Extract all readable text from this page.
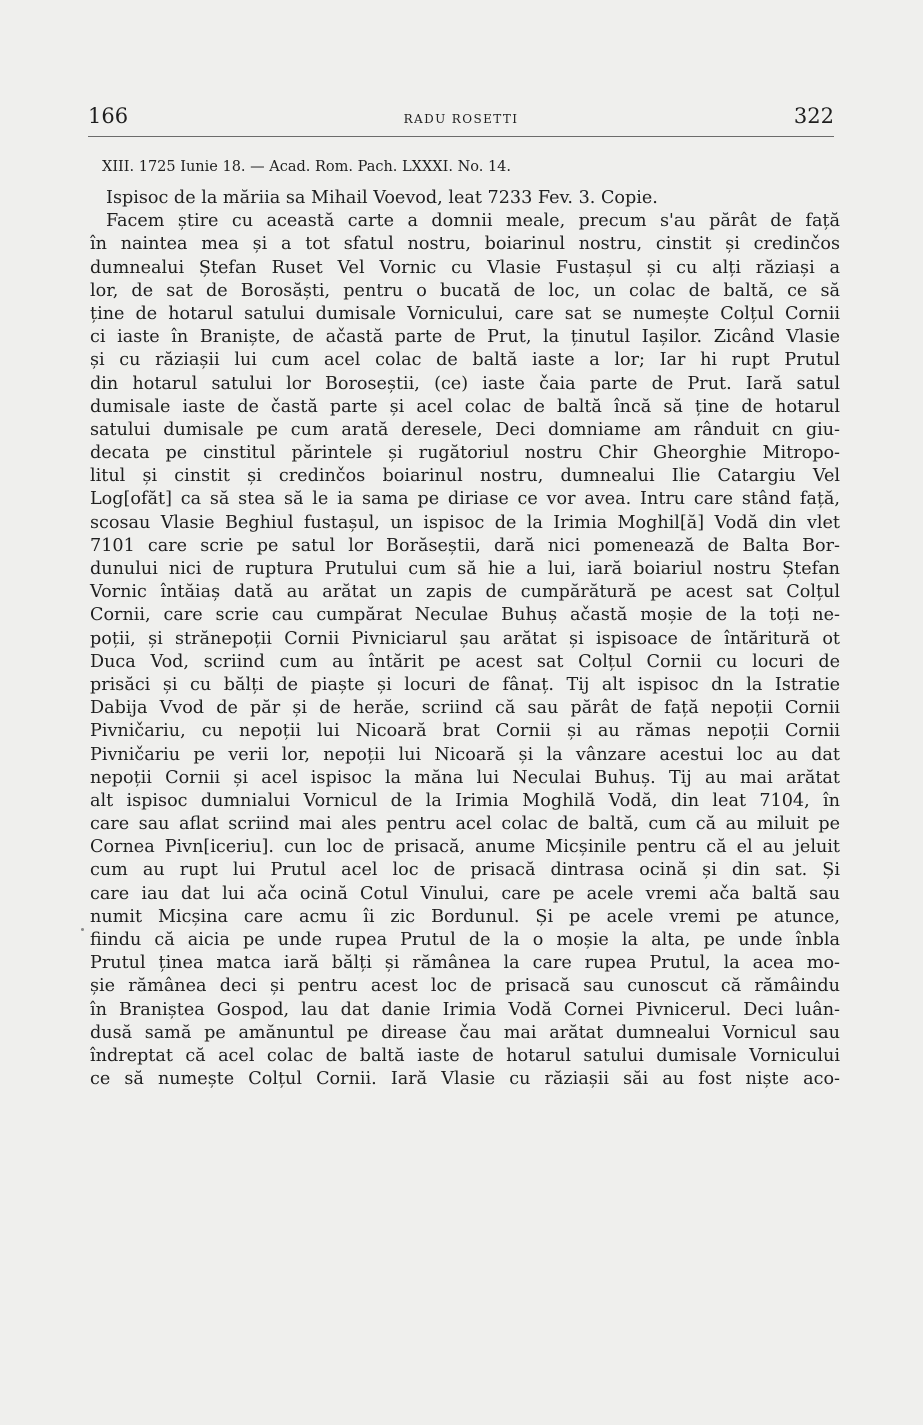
166	RADU ROSETTI	322
XIII. 1725 Iunie 18. — Acad. Rom. Pach. LXXXI. No. 14.
Ispisoc de la măriia sa Mihail Voevod, leat 7233 Fev. 3. Copie.
Facem știre cu această carte a domnii meale, precum s'au părât de față
în naintea mea și a tot sfatul nostru, boiarinul nostru, cinstit și credinčos
dumnealui Ștefan Ruset Vel Vornic cu Vlasie Fustașul și cu alți răziași a
lor, de sat de Borosăști, pentru o bucată de loc, un colac de baltă, ce să
ține de hotarul satului dumisale Vornicului, care sat se numește Colțul Cornii
ci iaste în Braniște, de ačastă parte de Prut, la ținutul Iașilor. Zicând Vlasie
și cu răziașii lui cum acel colac de baltă iaste a lor; Iar hi rupt Prutul
din hotarul satului lor Boroseștii, (ce) iaste čaia parte de Prut. Iară satul
dumisale iaste de častă parte și acel colac de baltă încă să ține de hotarul
satului dumisale pe cum arată deresele, Deci domniame am rânduit cn giu-
decata pe cinstitul părintele și rugătoriul nostru Chir Gheorghie Mitropo-
litul și cinstit și credinčos boiarinul nostru, dumnealui Ilie Catargiu Vel
Log[ofăt] ca să stea să le ia sama pe diriase ce vor avea. Intru care stând față,
scosau Vlasie Beghiul fustașul, un ispisoc de la Irimia Moghil[ă] Vodă din vlet
7101 care scrie pe satul lor Borăseștii, dară nici pomenează de Balta Bor-
dunului nici de ruptura Prutului cum să hie a lui, iară boiariul nostru Ștefan
Vornic întăiaș dată au arătat un zapis de cumpărătură pe acest sat Colțul
Cornii, care scrie cau cumpărat Neculae Buhuș ačastă moșie de la toți ne-
poții, și strănepoții Cornii Pivniciarul șau arătat și ispisoace de întăritură ot
Duca Vod, scriind cum au întărit pe acest sat Colțul Cornii cu locuri de
prisăci și cu bălți de piaște și locuri de fânaț. Tij alt ispisoc dn la Istratie
Dabija Vvod de păr și de herăe, scriind că sau părât de față nepoții Cornii
Pivničariu, cu nepoții lui Nicoară brat Cornii și au rămas nepoții Cornii
Pivničariu pe verii lor, nepoții lui Nicoară și la vânzare acestui loc au dat
nepoții Cornii și acel ispisoc la măna lui Neculai Buhuș. Tij au mai arătat
alt ispisoc dumnialui Vornicul de la Irimia Moghilă Vodă, din leat 7104, în
care sau aflat scriind mai ales pentru acel colac de baltă, cum că au miluit pe
Cornea Pivn[iceriu]. cun loc de prisacă, anume Micșinile pentru că el au jeluit
cum au rupt lui Prutul acel loc de prisacă dintrasa ocină și din sat. Și
care iau dat lui ača ocină Cotul Vinului, care pe acele vremi ača baltă sau
numit Micșina care acmu îi zic Bordunul. Și pe acele vremi pe atunce,
fiindu că aicia pe unde rupea Prutul de la o moșie la alta, pe unde înbla
Prutul ținea matca iară bălți și rămânea la care rupea Prutul, la acea mo-
șie rămânea deci și pentru acest loc de prisacă sau cunoscut că rămâindu
în Braniștea Gospod, lau dat danie Irimia Vodă Cornei Pivnicerul. Deci luân-
dusă samă pe amănuntul pe direase čau mai arătat dumnealui Vornicul sau
îndreptat că acel colac de baltă iaste de hotarul satului dumisale Vornicului
ce să numește Colțul Cornii. Iară Vlasie cu răziașii săi au fost niște aco-
